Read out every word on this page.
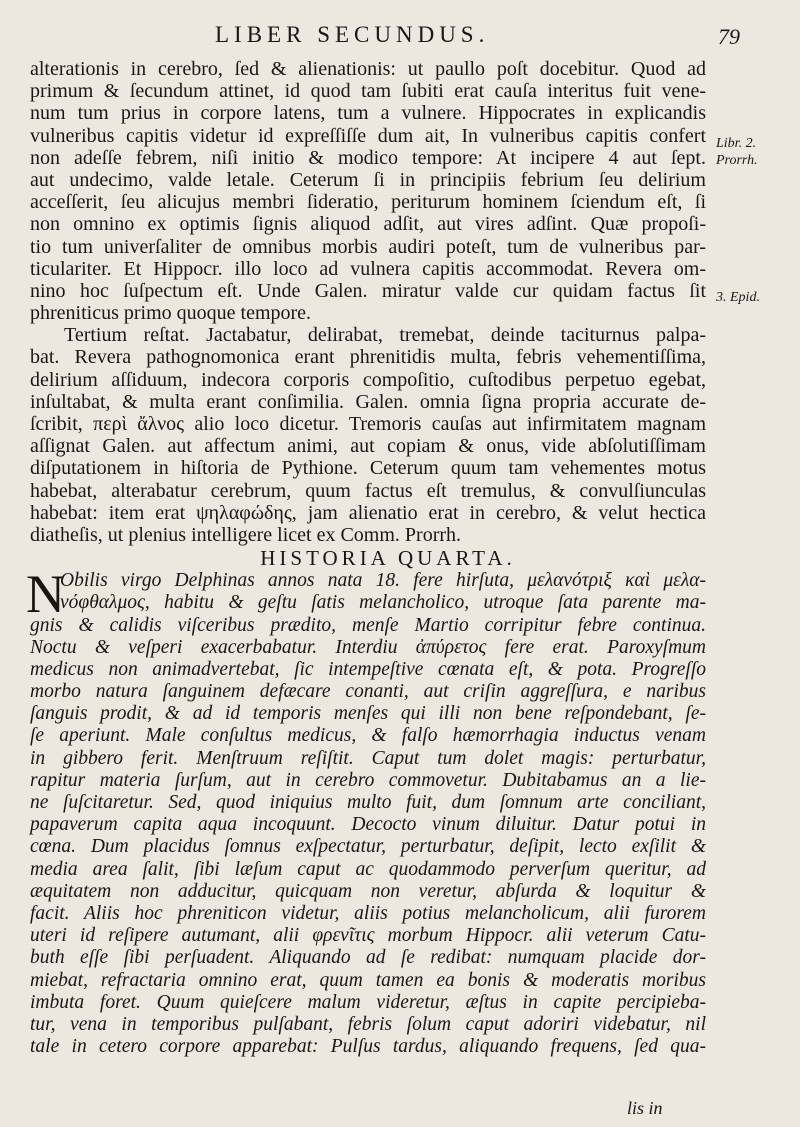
LIBER SECUNDUS.	79
Libr. 2.
Prorrh.
3. Epid.
alterationis in cerebro, ſed & alienationis: ut paullo poſt docebitur. Quod ad
primum & ſecundum attinet, id quod tam ſubiti erat cauſa interitus fuit vene-
num tum prius in corpore latens, tum a vulnere. Hippocrates in explicandis
vulneribus capitis videtur id expreſſiſſe dum ait, In vulneribus capitis confert
non adeſſe febrem, niſi initio & modico tempore: At incipere 4 aut ſept.
aut undecimo, valde letale. Ceterum ſi in principiis febrium ſeu delirium
acceſſerit, ſeu alicujus membri ſideratio, periturum hominem ſciendum eſt, ſi
non omnino ex optimis ſignis aliquod adſit, aut vires adſint. Quæ propoſi-
tio tum univerſaliter de omnibus morbis audiri poteſt, tum de vulneribus par-
ticulariter. Et Hippocr. illo loco ad vulnera capitis accommodat. Revera om-
nino hoc ſuſpectum eſt. Unde Galen. miratur valde cur quidam factus ſit
phreniticus primo quoque tempore.
Tertium reſtat. Jactabatur, delirabat, tremebat, deinde taciturnus palpa-
bat. Revera pathognomonica erant phrenitidis multa, febris vehementiſſima,
delirium aſſiduum, indecora corporis compoſitio, cuſtodibus perpetuo egebat,
inſultabat, & multa erant conſimilia. Galen. omnia ſigna propria accurate de-
ſcribit, περὶ ἄλνος alio loco dicetur. Tremoris cauſas aut infirmitatem magnam
aſſignat Galen. aut affectum animi, aut copiam & onus, vide abſolutiſſimam
diſputationem in hiſtoria de Pythione. Ceterum quum tam vehementes motus
habebat, alterabatur cerebrum, quum factus eſt tremulus, & convulſiunculas
habebat: item erat ψηλαφώδης, jam alienatio erat in cerebro, & velut hectica
diatheſis, ut plenius intelligere licet ex Comm. Prorrh.
HISTORIA QUARTA.
N
Obilis virgo Delphinas annos nata 18. fere hirſuta, μελανότριξ καὶ μελα-
νόφθαλμος, habitu & geſtu ſatis melancholico, utroque ſata parente ma-
gnis & calidis viſceribus prædito, menſe Martio corripitur febre continua.
Noctu & veſperi exacerbabatur. Interdiu ἀπύρετος fere erat. Paroxyſmum
medicus non animadvertebat, ſic intempeſtive cœnata eſt, & pota. Progreſſo
morbo natura ſanguinem defæcare conanti, aut criſin aggreſſura, e naribus
ſanguis prodit, & ad id temporis menſes qui illi non bene reſpondebant, ſe-
ſe aperiunt. Male conſultus medicus, & falſo hæmorrhagia inductus venam
in gibbero ferit. Menſtruum reſiſtit. Caput tum dolet magis: perturbatur,
rapitur materia ſurſum, aut in cerebro commovetur. Dubitabamus an a lie-
ne ſuſcitaretur. Sed, quod iniquius multo fuit, dum ſomnum arte conciliant,
papaverum capita aqua incoquunt. Decocto vinum diluitur. Datur potui in
cœna. Dum placidus ſomnus exſpectatur, perturbatur, deſipit, lecto exſilit &
media area ſalit, ſibi læſum caput ac quodammodo perverſum queritur, ad
æquitatem non adducitur, quicquam non veretur, abſurda & loquitur &
facit. Aliis hoc phreniticon videtur, aliis potius melancholicum, alii furorem
uteri id reſipere autumant, alii φρενῖτις morbum Hippocr. alii veterum Catu-
buth eſſe ſibi perſuadent. Aliquando ad ſe redibat: numquam placide dor-
miebat, refractaria omnino erat, quum tamen ea bonis & moderatis moribus
imbuta foret. Quum quieſcere malum videretur, æſtus in capite percipieba-
tur, vena in temporibus pulſabant, febris ſolum caput adoriri videbatur, nil
tale in cetero corpore apparebat: Pulſus tardus, aliquando frequens, ſed qua-
lis in
